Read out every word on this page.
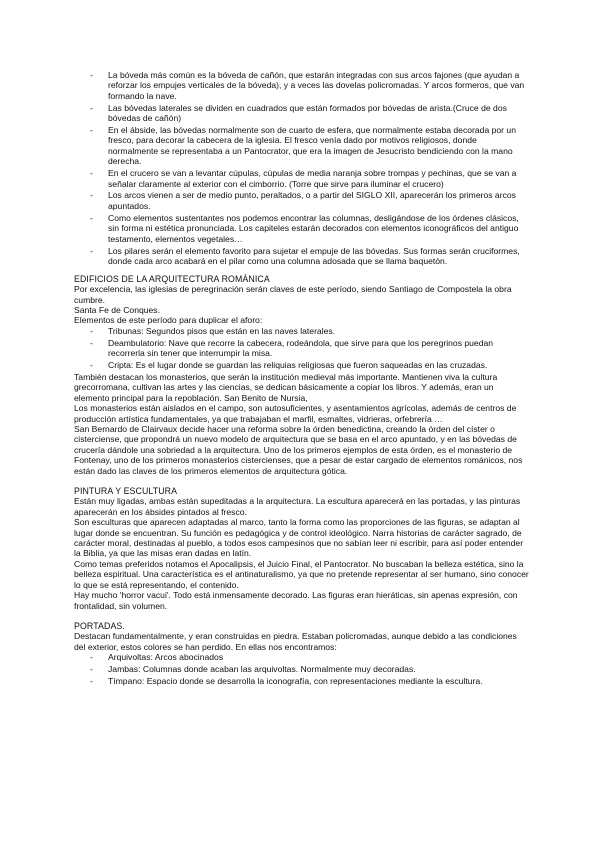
- La bóveda más común es la bóveda de cañón, que estarán integradas con sus arcos fajones (que ayudan a reforzar los empujes verticales de la bóveda), y a veces las dovelas policromadas. Y arcos formeros, que van formando la nave.
- Las bóvedas laterales se dividen en cuadrados que están formados por bóvedas de arista.(Cruce de dos bóvedas de cañón)
- En el ábside, las bóvedas normalmente son de cuarto de esfera, que normalmente estaba decorada por un fresco, para decorar la cabecera de la iglesia. El fresco venía dado por motivos religiosos, donde normalmente se representaba a un Pantocrator, que era la imagen de Jesucristo bendiciendo con la mano derecha.
- En el crucero se van a levantar cúpulas, cúpulas de media naranja sobre trompas y pechinas, que se van a señalar claramente al exterior con el cimborrio. (Torre que sirve para iluminar el crucero)
- Los arcos vienen a ser de medio punto, peraltados, o a partir del SIGLO XII, aparecerán los primeros arcos apuntados.
- Como elementos sustentantes nos podemos encontrar las columnas, desligándose de los órdenes clásicos, sin forma ni estética pronunciada. Los capiteles estarán decorados con elementos iconográficos del antiguo testamento, elementos vegetales…
- Los pilares serán el elemento favorito para sujetar el empuje de las bóvedas. Sus formas serán cruciformes, donde cada arco acabará en el pilar como una columna adosada que se llama baquetón.
EDIFICIOS DE LA ARQUITECTURA ROMÁNICA

Por excelencia, las iglesias de peregrinación serán claves de este período, siendo Santiago de Compostela la obra cumbre.

Santa Fe de Conques.

Elementos de este período para duplicar el aforo:

- Tribunas: Segundos pisos que están en las naves laterales.
- Deambulatorio: Nave que recorre la cabecera, rodeándola, que sirve para que los peregrinos puedan recorrerla sin tener que interrumpir la misa.
- Cripta: Es el lugar donde se guardan las reliquias religiosas que fueron saqueadas en las cruzadas.

También destacan los monasterios, que serán la institución medieval más importante. Mantienen viva la cultura grecorromana, cultivan las artes y las ciencias, se dedican básicamente a copiar los libros. Y además, eran un elemento principal para la repoblación. San Benito de Nursia,

Los monasterios están aislados en el campo, son autosuficientes, y asentamientos agrícolas, además de centros de producción artística fundamentales, ya que trabajaban el marfil, esmaltes, vidrieras, orfebrería …

San Bernardo de Clairvaux decide hacer una reforma sobre la órden benedictina, creando la órden del císter o cisterciense, que propondrá un nuevo modelo de arquitectura que se basa en el arco apuntado, y en las bóvedas de crucería dándole una sobriedad a la arquitectura. Uno de los primeros ejemplos de esta órden, es el monasterio de Fontenay, uno de los primeros monasterios cistercienses, que a pesar de estar cargado de elementos románicos, nos están dado las claves de los primeros elementos de arquitectura gótica.

PINTURA Y ESCULTURA

Están muy ligadas, ambas están supeditadas a la arquitectura. La escultura aparecerá en las portadas, y las pinturas aparecerán en los ábsides pintados al fresco.

Son esculturas que aparecen adaptadas al marco, tanto la forma como las proporciones de las figuras, se adaptan al lugar donde se encuentran. Su función es pedagógica y de control ideológico. Narra historias de carácter sagrado, de carácter moral, destinadas al pueblo, a todos esos campesinos que no sabían leer ni escribir, para así poder entender la Biblia, ya que las misas eran dadas en latín.

Como temas preferidos notamos el Apocalipsis, el Juicio Final, el Pantocrator. No buscaban la belleza estética, sino la belleza espiritual. Una característica es el antinaturalismo, ya que no pretende representar al ser humano, sino conocer lo que se está representando, el contenido.

Hay mucho 'horror vacui'. Todo está inmensamente decorado. Las figuras eran hieráticas, sin apenas expresión, con frontalidad, sin volumen.

PORTADAS.

Destacan fundamentalmente, y eran construidas en piedra. Estaban policromadas, aunque debido a las condiciones del exterior, estos colores se han perdido. En ellas nos encontramos:

- Arquivoltas: Arcos abocinados
- Jambas: Columnas donde acaban las arquivoltas. Normalmente muy decoradas.
- Tímpano: Espacio donde se desarrolla la iconografía, con representaciones mediante la escultura.
